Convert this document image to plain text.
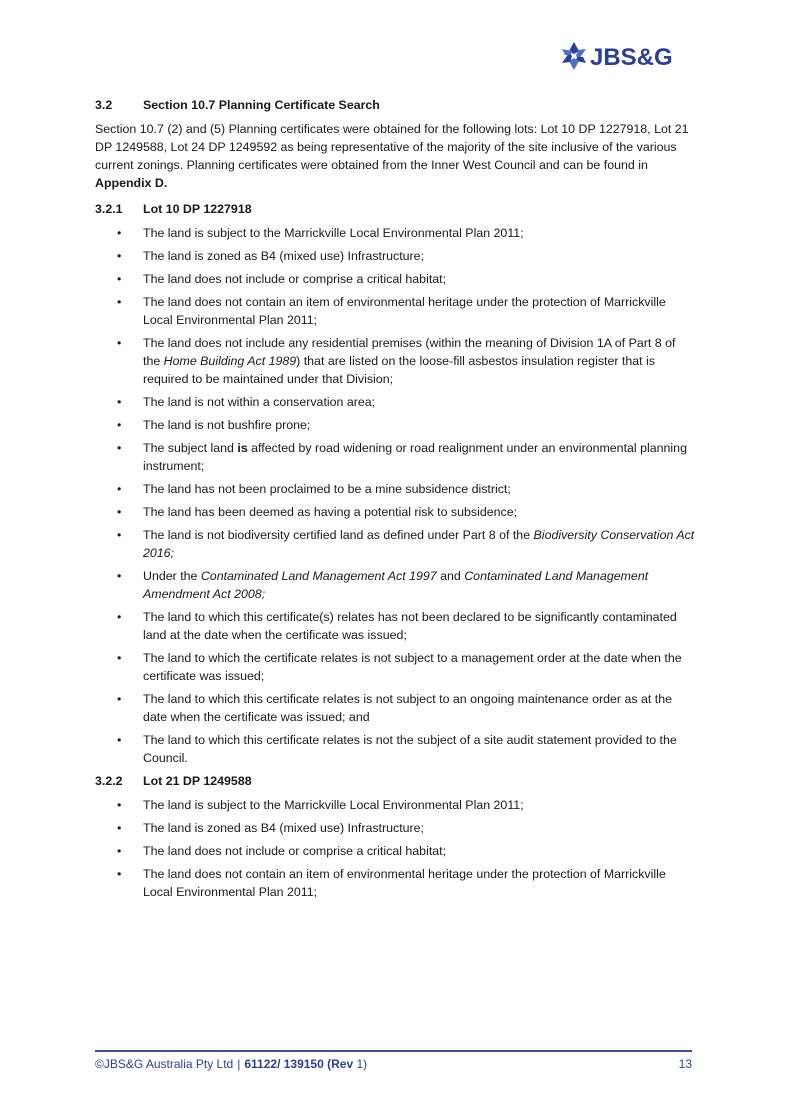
JBS&G
3.2	Section 10.7 Planning Certificate Search

Section 10.7 (2) and (5) Planning certificates were obtained for the following lots: Lot 10 DP 1227918, Lot 21 DP 1249588, Lot 24 DP 1249592 as being representative of the majority of the site inclusive of the various current zonings. Planning certificates were obtained from the Inner West Council and can be found in Appendix D.

3.2.1	Lot 10 DP 1227918
• The land is subject to the Marrickville Local Environmental Plan 2011;
• The land is zoned as B4 (mixed use) Infrastructure;
• The land does not include or comprise a critical habitat;
• The land does not contain an item of environmental heritage under the protection of Marrickville Local Environmental Plan 2011;
• The land does not include any residential premises (within the meaning of Division 1A of Part 8 of the Home Building Act 1989) that are listed on the loose-fill asbestos insulation register that is required to be maintained under that Division;
• The land is not within a conservation area;
• The land is not bushfire prone;
• The subject land is affected by road widening or road realignment under an environmental planning instrument;
• The land has not been proclaimed to be a mine subsidence district;
• The land has been deemed as having a potential risk to subsidence;
• The land is not biodiversity certified land as defined under Part 8 of the Biodiversity Conservation Act 2016;
• Under the Contaminated Land Management Act 1997 and Contaminated Land Management Amendment Act 2008;
• The land to which this certificate(s) relates has not been declared to be significantly contaminated land at the date when the certificate was issued;
• The land to which the certificate relates is not subject to a management order at the date when the certificate was issued;
• The land to which this certificate relates is not subject to an ongoing maintenance order as at the date when the certificate was issued; and
• The land to which this certificate relates is not the subject of a site audit statement provided to the Council.
3.2.2	Lot 21 DP 1249588
• The land is subject to the Marrickville Local Environmental Plan 2011;
• The land is zoned as B4 (mixed use) Infrastructure;
• The land does not include or comprise a critical habitat;
• The land does not contain an item of environmental heritage under the protection of Marrickville Local Environmental Plan 2011;
©JBS&G Australia Pty Ltd | 61122/ 139150 (Rev 1)	13
